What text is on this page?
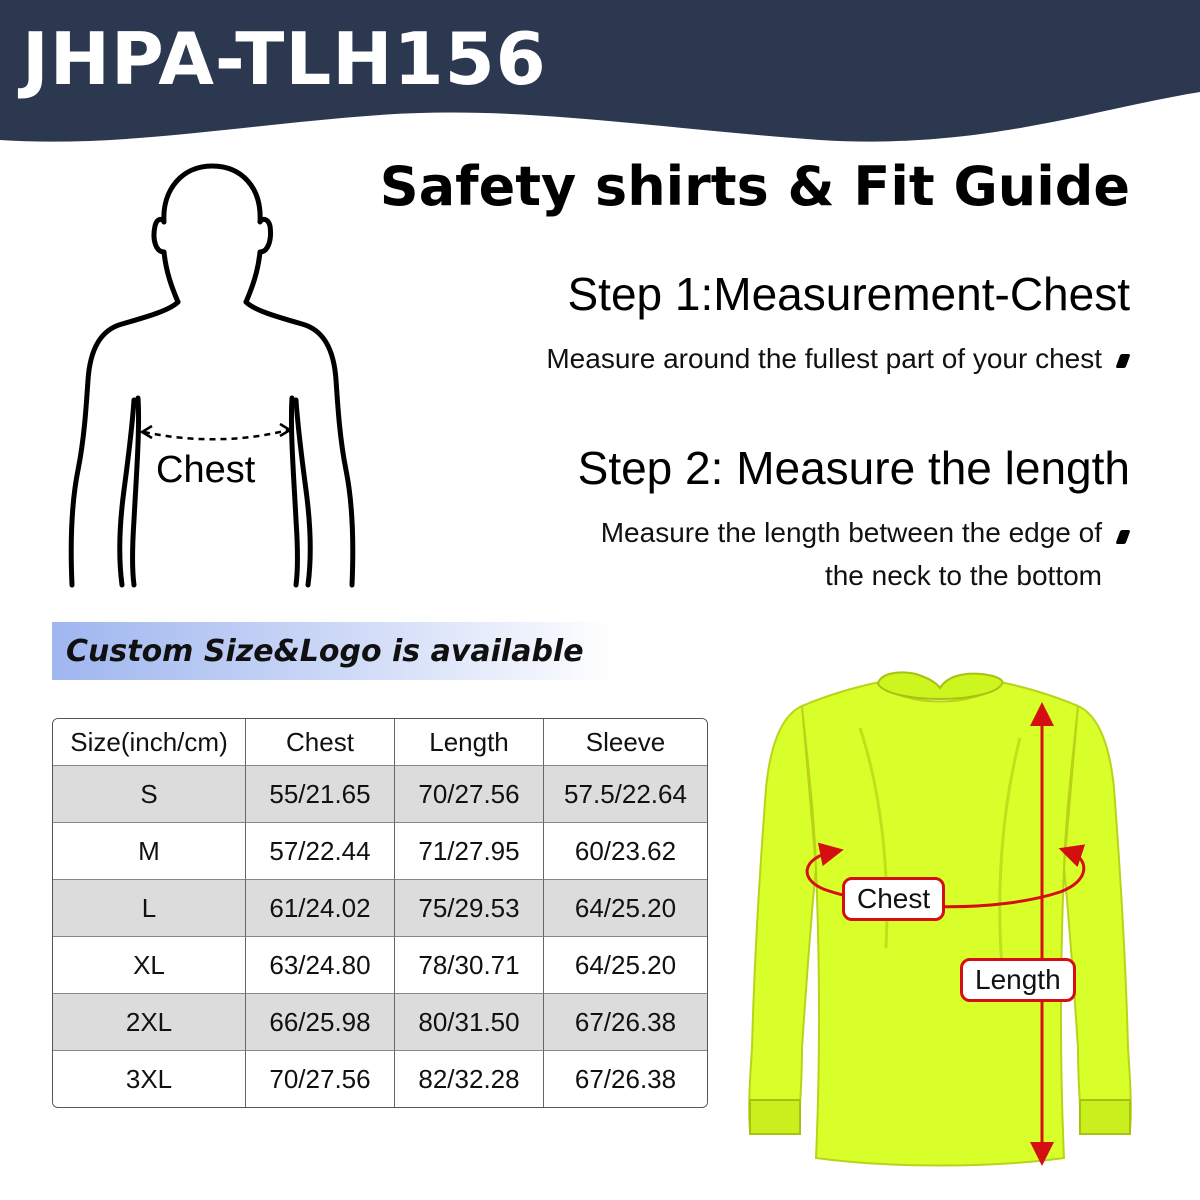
JHPA-TLH156
Safety shirts & Fit Guide
Step 1:Measurement-Chest

Measure around the fullest part of your chest

Step 2: Measure the length

Measure the length between the edge of

the neck to the bottom

Chest
Custom Size&Logo is available
Size(inch/cm)	Chest	Length	Sleeve
S	55/21.65	70/27.56	57.5/22.64
M	57/22.44	71/27.95	60/23.62
L	61/24.02	75/29.53	64/25.20
XL	63/24.80	78/30.71	64/25.20
2XL	66/25.98	80/31.50	67/26.38
3XL	70/27.56	82/32.28	67/26.38
Chest
Length
